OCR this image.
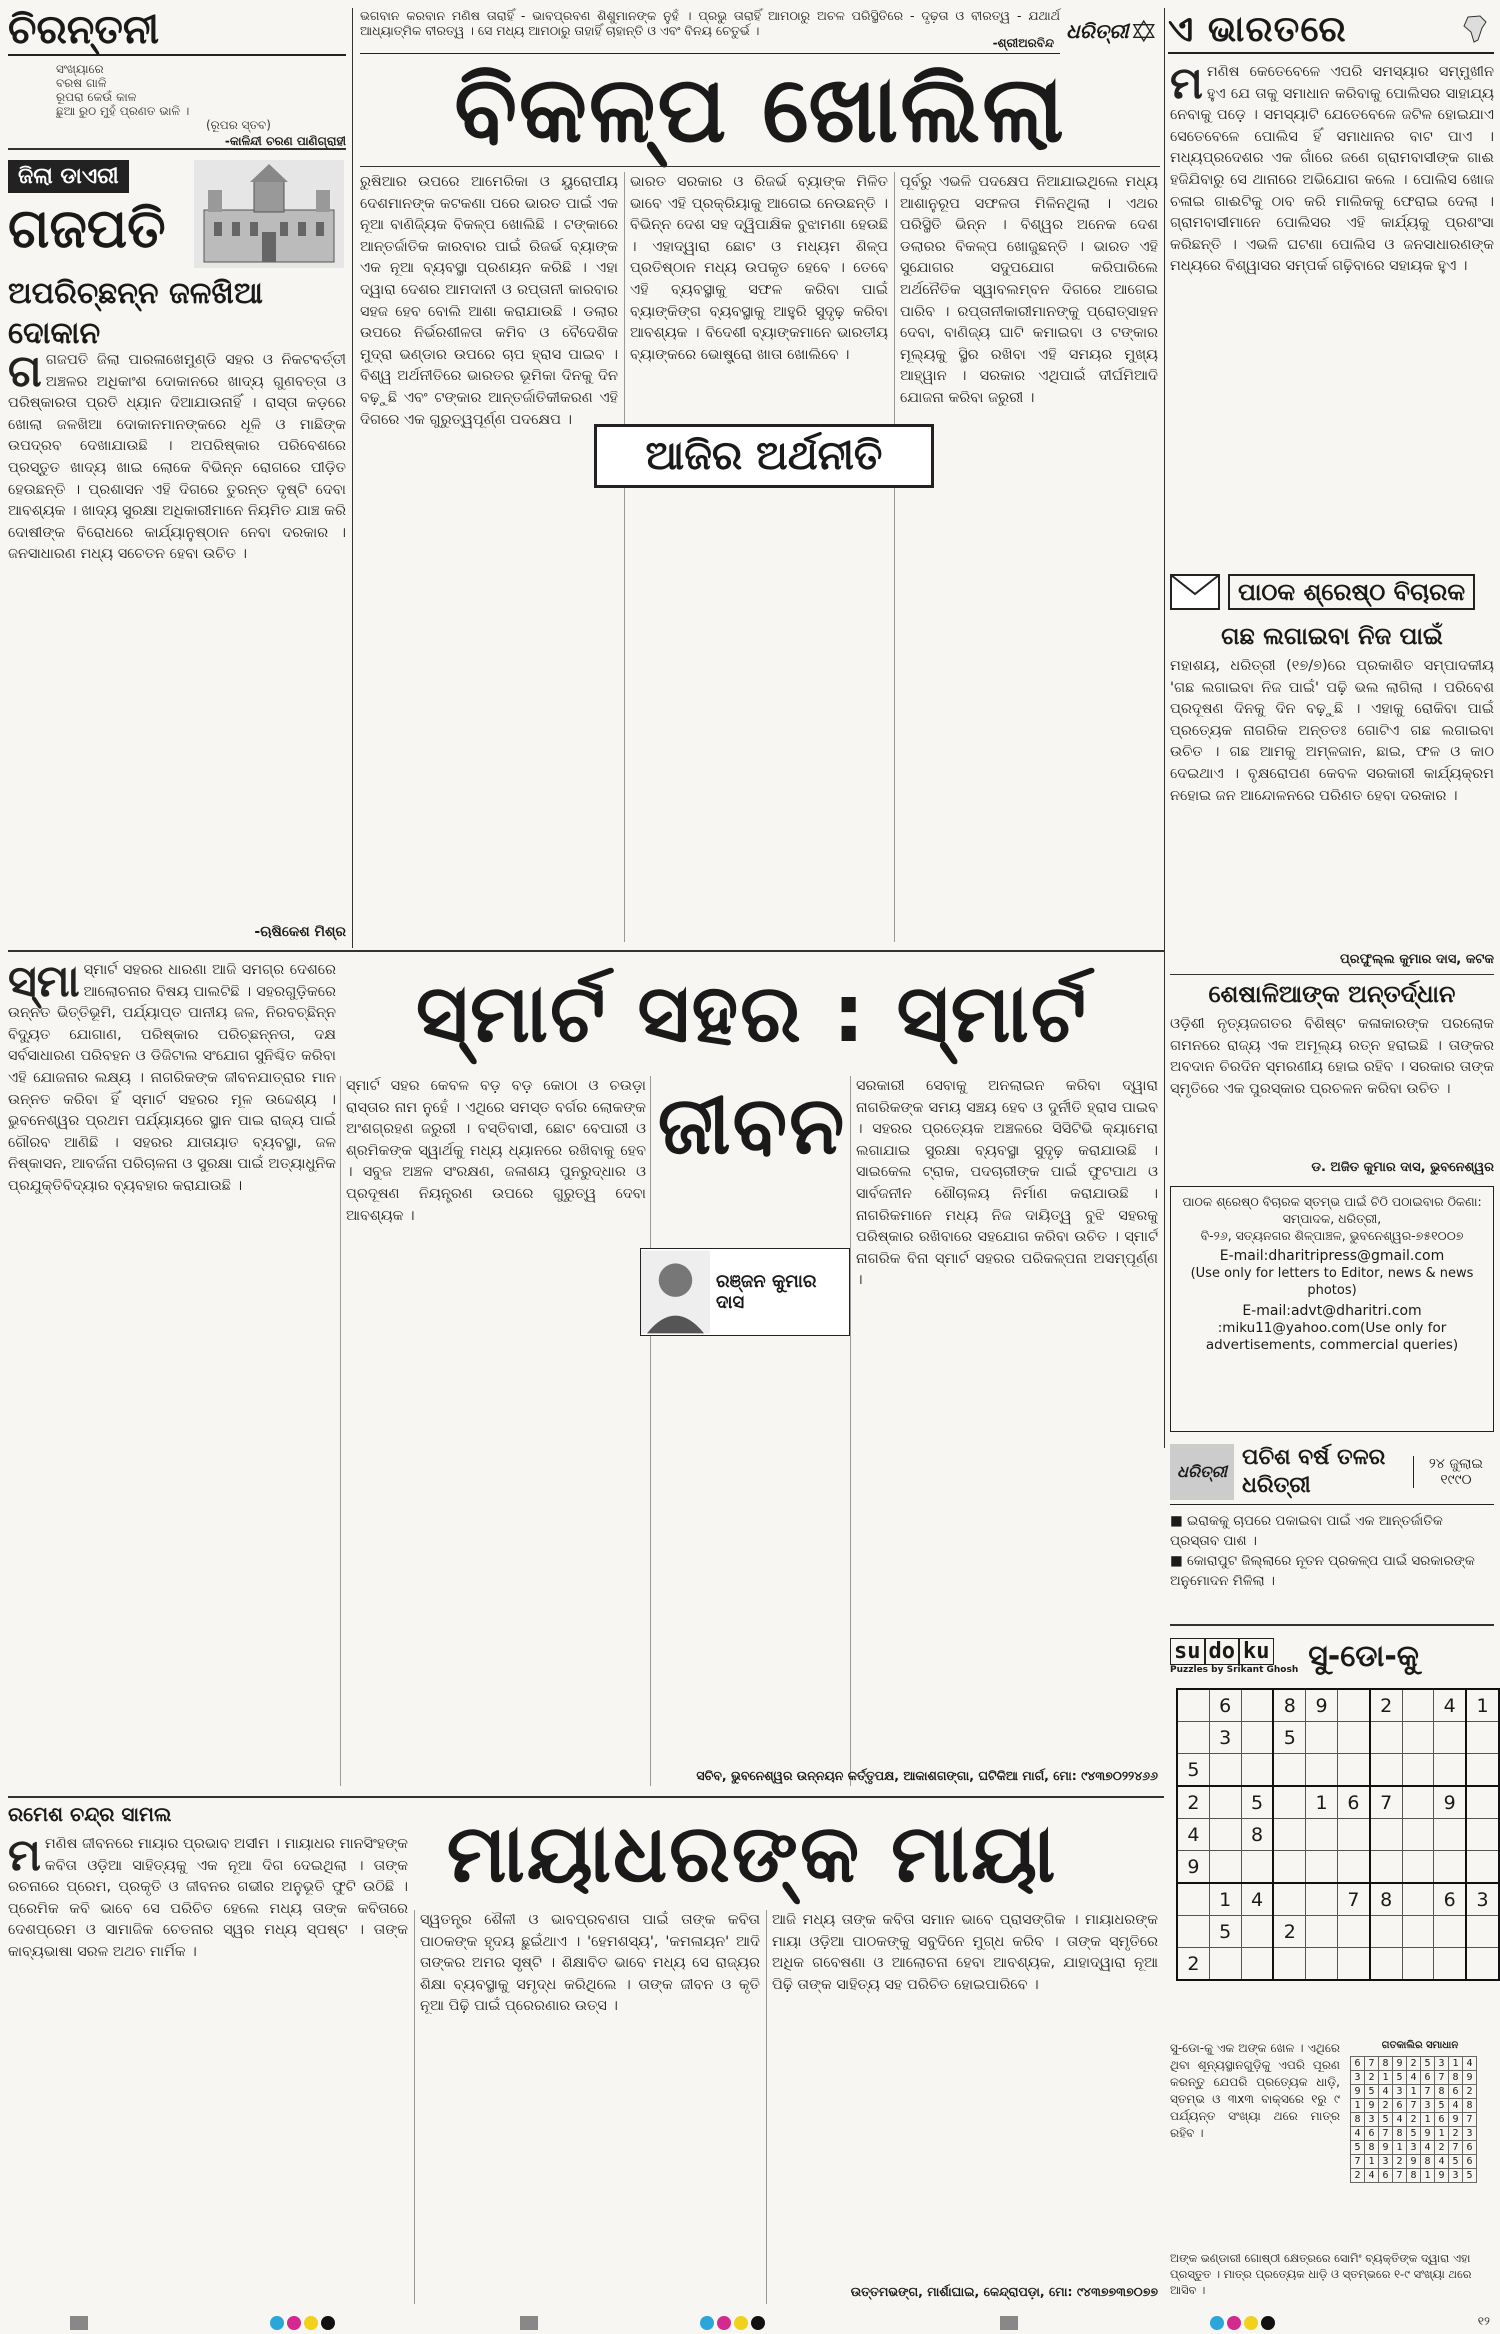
ଚିରନ୍ତନୀ
ସଂଖ୍ୟାରେ
ବରଷ ଗାଳି
ରୂପରା କେଉଁ କାଳ
ଛୁଆ ରୁଠ ମୁହଁ ପ୍ରଣତ ଭାଳି ।
(ରୂପର ସ୍ତବ)
-କାଳିନ୍ଦୀ ଚରଣ ପାଣିଗ୍ରାହୀ
ଭଗବାନ କରବାନ ମଣିଷ ତାରାହିଁ - ଭାବପ୍ରବଣ ଶିଶୁମାନଙ୍କ ନୁହଁ । ପ୍ରଭୁ ତାରାହିଁ ଆମଠାରୁ ଅଚଳ ପରିସ୍ଥିତିରେ - ଦୃଢ଼ତା ଓ ବୀରତ୍ୱ - ଯଥାର୍ଥ ଆଧ୍ୟାତ୍ମିକ ବୀରତ୍ୱ । ସେ ମଧ୍ୟ ଆମଠାରୁ ତାହାହିଁ ଚାହାନ୍ତି ଓ ଏବଂ ବିନୟ ଚେତୁର୍ଭ ।
-ଶ୍ରୀଅରବିନ୍ଦ ଧରିତ୍ରୀ ଏ ଭାରତରେ
ବିକଳ୍ପ ଖୋଲିଲା
ଜିଲା ଡାଏରୀ
ଗଜପତି
ଅପରିଚ୍ଛନ୍ନ ଜଳଖିଆ ଦୋକାନ
ଗ ଗଜପତି ଜିଲା ପାରଳାଖେମୁଣ୍ଡି ସହର ଓ ନିକଟବର୍ତ୍ତୀ ଅଞ୍ଚଳର ଅଧିକାଂଶ ଦୋକାନରେ ଖାଦ୍ୟ ଗୁଣବତ୍ତା ଓ ପରିଷ୍କାରତା ପ୍ରତି ଧ୍ୟାନ ଦିଆଯାଉନାହିଁ । ରାସ୍ତା କଡ଼ରେ ଖୋଲା ଜଳଖିଆ ଦୋକାନମାନଙ୍କରେ ଧୂଳି ଓ ମାଛିଙ୍କ ଉପଦ୍ରବ ଦେଖାଯାଉଛି । ଅପରିଷ୍କାର ପରିବେଶରେ ପ୍ରସ୍ତୁତ ଖାଦ୍ୟ ଖାଇ ଲୋକେ ବିଭିନ୍ନ ରୋଗରେ ପୀଡ଼ିତ ହେଉଛନ୍ତି । ପ୍ରଶାସନ ଏହି ଦିଗରେ ତୁରନ୍ତ ଦୃଷ୍ଟି ଦେବା ଆବଶ୍ୟକ । ଖାଦ୍ୟ ସୁରକ୍ଷା ଅଧିକାରୀମାନେ ନିୟମିତ ଯାଞ୍ଚ କରି ଦୋଷୀଙ୍କ ବିରୋଧରେ କାର୍ଯ୍ୟାନୁଷ୍ଠାନ ନେବା ଦରକାର । ଜନସାଧାରଣ ମଧ୍ୟ ସଚେତନ ହେବା ଉଚିତ ।
-ଋଷିକେଶ ମିଶ୍ର

ରୁଷିଆର ଉପରେ ଆମେରିକା ଓ ୟୁରୋପୀୟ ଦେଶମାନଙ୍କ କଟକଣା ପରେ ଭାରତ ପାଇଁ ଏକ ନୂଆ ବାଣିଜ୍ୟିକ ବିକଳ୍ପ ଖୋଲିଛି । ଟଙ୍କାରେ ଆନ୍ତର୍ଜାତିକ କାରବାର ପାଇଁ ରିଜର୍ଭ ବ୍ୟାଙ୍କ ଏକ ନୂଆ ବ୍ୟବସ୍ଥା ପ୍ରଣୟନ କରିଛି । ଏହା ଦ୍ୱାରା ଦେଶର ଆମଦାନୀ ଓ ରପ୍ତାନୀ କାରବାର ସହଜ ହେବ ବୋଲି ଆଶା କରାଯାଉଛି । ଡଲାର ଉପରେ ନିର୍ଭରଶୀଳତା କମିବ ଓ ବୈଦେଶିକ ମୁଦ୍ରା ଭଣ୍ଡାର ଉପରେ ଚାପ ହ୍ରାସ ପାଇବ । ବିଶ୍ୱ ଅର୍ଥନୀତିରେ ଭାରତର ଭୂମିକା ଦିନକୁ ଦିନ ବଢ଼ୁଛି ଏବଂ ଟଙ୍କାର ଆନ୍ତର୍ଜାତିକୀକରଣ ଏହି ଦିଗରେ ଏକ ଗୁରୁତ୍ୱପୂର୍ଣ୍ଣ ପଦକ୍ଷେପ ।

ଆଜିର ଅର୍ଥନୀତି

ଭାରତ ସରକାର ଓ ରିଜର୍ଭ ବ୍ୟାଙ୍କ ମିଳିତ ଭାବେ ଏହି ପ୍ରକ୍ରିୟାକୁ ଆଗେଇ ନେଉଛନ୍ତି । ବିଭିନ୍ନ ଦେଶ ସହ ଦ୍ୱିପାକ୍ଷିକ ବୁଝାମଣା ହେଉଛି । ଏହାଦ୍ୱାରା ଛୋଟ ଓ ମଧ୍ୟମ ଶିଳ୍ପ ପ୍ରତିଷ୍ଠାନ ମଧ୍ୟ ଉପକୃତ ହେବେ । ତେବେ ଏହି ବ୍ୟବସ୍ଥାକୁ ସଫଳ କରିବା ପାଇଁ ବ୍ୟାଙ୍କିଙ୍ଗ ବ୍ୟବସ୍ଥାକୁ ଆହୁରି ସୁଦୃଢ଼ କରିବା ଆବଶ୍ୟକ । ବିଦେଶୀ ବ୍ୟାଙ୍କମାନେ ଭାରତୀୟ ବ୍ୟାଙ୍କରେ ଭୋଷ୍ଟ୍ରୋ ଖାତା ଖୋଲିବେ ।

ପୂର୍ବରୁ ଏଭଳି ପଦକ୍ଷେପ ନିଆଯାଇଥିଲେ ମଧ୍ୟ ଆଶାନୁରୂପ ସଫଳତା ମିଳିନଥିଲା । ଏଥର ପରିସ୍ଥିତି ଭିନ୍ନ । ବିଶ୍ୱର ଅନେକ ଦେଶ ଡଲାରର ବିକଳ୍ପ ଖୋଜୁଛନ୍ତି । ଭାରତ ଏହି ସୁଯୋଗର ସଦୁପଯୋଗ କରିପାରିଲେ ଅର୍ଥନୈତିକ ସ୍ୱାବଲମ୍ବନ ଦିଗରେ ଆଗେଇ ପାରିବ । ରପ୍ତାନୀକାରୀମାନଙ୍କୁ ପ୍ରୋତ୍ସାହନ ଦେବା, ବାଣିଜ୍ୟ ଘାଟି କମାଇବା ଓ ଟଙ୍କାର ମୂଲ୍ୟକୁ ସ୍ଥିର ରଖିବା ଏହି ସମୟର ମୁଖ୍ୟ ଆହ୍ୱାନ । ସରକାର ଏଥିପାଇଁ ଦୀର୍ଘମିଆଦି ଯୋଜନା କରିବା ଜରୁରୀ ।

ମ ମଣିଷ କେତେବେଳେ ଏପରି ସମସ୍ୟାର ସମ୍ମୁଖୀନ ହୁଏ ଯେ ତାକୁ ସମାଧାନ କରିବାକୁ ପୋଲିସର ସାହାଯ୍ୟ ନେବାକୁ ପଡ଼େ । ସମସ୍ୟାଟି ଯେତେବେଳେ ଜଟିଳ ହୋଇଯାଏ ସେତେବେଳେ ପୋଲିସ ହିଁ ସମାଧାନର ବାଟ ପାଏ । ମଧ୍ୟପ୍ରଦେଶର ଏକ ଗାଁରେ ଜଣେ ଗ୍ରାମବାସୀଙ୍କ ଗାଈ ହଜିଯିବାରୁ ସେ ଥାନାରେ ଅଭିଯୋଗ କଲେ । ପୋଲିସ ଖୋଜ ଚଳାଇ ଗାଈଟିକୁ ଠାବ କରି ମାଲିକକୁ ଫେରାଇ ଦେଲା । ଗ୍ରାମବାସୀମାନେ ପୋଲିସର ଏହି କାର୍ଯ୍ୟକୁ ପ୍ରଶଂସା କରିଛନ୍ତି । ଏଭଳି ଘଟଣା ପୋଲିସ ଓ ଜନସାଧାରଣଙ୍କ ମଧ୍ୟରେ ବିଶ୍ୱାସର ସମ୍ପର୍କ ଗଢ଼ିବାରେ ସହାୟକ ହୁଏ ।
ପାଠକ ଶ୍ରେଷ୍ଠ ବିଚାରକ
ଗଛ ଲଗାଇବା ନିଜ ପାଇଁ

ମହାଶୟ, ଧରିତ୍ରୀ (୧୭/୭)ରେ ପ୍ରକାଶିତ ସମ୍ପାଦକୀୟ 'ଗଛ ଲଗାଇବା ନିଜ ପାଇଁ' ପଢ଼ି ଭଲ ଲାଗିଲା । ପରିବେଶ ପ୍ରଦୂଷଣ ଦିନକୁ ଦିନ ବଢ଼ୁଛି । ଏହାକୁ ରୋକିବା ପାଇଁ ପ୍ରତ୍ୟେକ ନାଗରିକ ଅନ୍ତତଃ ଗୋଟିଏ ଗଛ ଲଗାଇବା ଉଚିତ । ଗଛ ଆମକୁ ଅମ୍ଳଜାନ, ଛାଇ, ଫଳ ଓ କାଠ ଦେଇଥାଏ । ବୃକ୍ଷରୋପଣ କେବଳ ସରକାରୀ କାର୍ଯ୍ୟକ୍ରମ ନହୋଇ ଜନ ଆନ୍ଦୋଳନରେ ପରିଣତ ହେବା ଦରକାର ।

ପ୍ରଫୁଲ୍ଲ କୁମାର ଦାସ, କଟକ
ଶେଷାଳିଆଙ୍କ ଅନ୍ତର୍ଦ୍ଧାନ

ଓଡ଼ିଶୀ ନୃତ୍ୟଜଗତର ବିଶିଷ୍ଟ କଳାକାରଙ୍କ ପରଲୋକ ଗମନରେ ରାଜ୍ୟ ଏକ ଅମୂଲ୍ୟ ରତ୍ନ ହରାଇଛି । ତାଙ୍କର ଅବଦାନ ଚିରଦିନ ସ୍ମରଣୀୟ ହୋଇ ରହିବ । ସରକାର ତାଙ୍କ ସ୍ମୃତିରେ ଏକ ପୁରସ୍କାର ପ୍ରଚଳନ କରିବା ଉଚିତ ।

ଡ. ଅଜିତ କୁମାର ଦାସ, ଭୁବନେଶ୍ୱର
ପାଠକ ଶ୍ରେଷ୍ଠ ବିଚାରକ ସ୍ତମ୍ଭ ପାଇଁ ଚିଠି ପଠାଇବାର ଠିକଣା:
ସମ୍ପାଦକ, ଧରିତ୍ରୀ,
ବି-୨୬, ସତ୍ୟନଗର ଶିଳ୍ପାଞ୍ଚଳ, ଭୁବନେଶ୍ୱର-୭୫୧୦୦୭
E-mail:dharitripress@gmail.com
(Use only for letters to Editor, news & news photos)
E-mail:advt@dharitri.com
:miku11@yahoo.com(Use only for advertisements, commercial queries)
ଧରିତ୍ରୀ
ପଚିଶ ବର୍ଷ ତଳର ଧରିତ୍ରୀ
୨୪ ଜୁଲାଇ ୧୯୯୦
■ ଇରାକକୁ ଚାପରେ ପକାଇବା ପାଇଁ ଏକ ଆନ୍ତର୍ଜାତିକ ପ୍ରସ୍ତାବ ପାଶ ।
■ କୋରାପୁଟ ଜିଲ୍ଲାରେ ନୂତନ ପ୍ରକଳ୍ପ ପାଇଁ ସରକାରଙ୍କ ଅନୁମୋଦନ ମିଳିଲା ।
ସ୍ମାର୍ଟ ସହର : ସ୍ମାର୍ଟ ଜୀବନ
ସ୍ମା ସ୍ମାର୍ଟ ସହରର ଧାରଣା ଆଜି ସମଗ୍ର ଦେଶରେ ଆଲୋଚନାର ବିଷୟ ପାଲଟିଛି । ସହରଗୁଡ଼ିକରେ ଉନ୍ନତ ଭିତ୍ତିଭୂମି, ପର୍ଯ୍ୟାପ୍ତ ପାନୀୟ ଜଳ, ନିରବଚ୍ଛିନ୍ନ ବିଦ୍ୟୁତ ଯୋଗାଣ, ପରିଷ୍କାର ପରିଚ୍ଛନ୍ନତା, ଦକ୍ଷ ସର୍ବସାଧାରଣ ପରିବହନ ଓ ଡିଜିଟାଲ ସଂଯୋଗ ସୁନିଶ୍ଚିତ କରିବା ଏହି ଯୋଜନାର ଲକ୍ଷ୍ୟ । ନାଗରିକଙ୍କ ଜୀବନଯାତ୍ରାର ମାନ ଉନ୍ନତ କରିବା ହିଁ ସ୍ମାର୍ଟ ସହରର ମୂଳ ଉଦ୍ଦେଶ୍ୟ । ଭୁବନେଶ୍ୱର ପ୍ରଥମ ପର୍ଯ୍ୟାୟରେ ସ୍ଥାନ ପାଇ ରାଜ୍ୟ ପାଇଁ ଗୌରବ ଆଣିଛି । ସହରର ଯାତାୟାତ ବ୍ୟବସ୍ଥା, ଜଳ ନିଷ୍କାସନ, ଆବର୍ଜନା ପରିଚାଳନା ଓ ସୁରକ୍ଷା ପାଇଁ ଅତ୍ୟାଧୁନିକ ପ୍ରଯୁକ୍ତିବିଦ୍ୟାର ବ୍ୟବହାର କରାଯାଉଛି ।

ସ୍ମାର୍ଟ ସହର କେବଳ ବଡ଼ ବଡ଼ କୋଠା ଓ ଚଉଡ଼ା ରାସ୍ତାର ନାମ ନୁହେଁ । ଏଥିରେ ସମସ୍ତ ବର୍ଗର ଲୋକଙ୍କ ଅଂଶଗ୍ରହଣ ଜରୁରୀ । ବସ୍ତିବାସୀ, ଛୋଟ ବେପାରୀ ଓ ଶ୍ରମିକଙ୍କ ସ୍ୱାର୍ଥକୁ ମଧ୍ୟ ଧ୍ୟାନରେ ରଖିବାକୁ ହେବ । ସବୁଜ ଅଞ୍ଚଳ ସଂରକ୍ଷଣ, ଜଳାଶୟ ପୁନରୁଦ୍ଧାର ଓ ପ୍ରଦୂଷଣ ନିୟନ୍ତ୍ରଣ ଉପରେ ଗୁରୁତ୍ୱ ଦେବା ଆବଶ୍ୟକ ।

ରଞ୍ଜନ କୁମାର ଦାସ

ସରକାରୀ ସେବାକୁ ଅନଲାଇନ କରିବା ଦ୍ୱାରା ନାଗରିକଙ୍କ ସମୟ ସଞ୍ଚୟ ହେବ ଓ ଦୁର୍ନୀତି ହ୍ରାସ ପାଇବ । ସହରର ପ୍ରତ୍ୟେକ ଅଞ୍ଚଳରେ ସିସିଟିଭି କ୍ୟାମେରା ଲଗାଯାଇ ସୁରକ୍ଷା ବ୍ୟବସ୍ଥା ସୁଦୃଢ଼ କରାଯାଉଛି । ସାଇକେଲ ଟ୍ରାକ, ପଦଚାରୀଙ୍କ ପାଇଁ ଫୁଟପାଥ ଓ ସାର୍ବଜନୀନ ଶୌଚାଳୟ ନିର୍ମାଣ କରାଯାଉଛି । ନାଗରିକମାନେ ମଧ୍ୟ ନିଜ ଦାୟିତ୍ୱ ବୁଝି ସହରକୁ ପରିଷ୍କାର ରଖିବାରେ ସହଯୋଗ କରିବା ଉଚିତ । ସ୍ମାର୍ଟ ନାଗରିକ ବିନା ସ୍ମାର୍ଟ ସହରର ପରିକଳ୍ପନା ଅସମ୍ପୂର୍ଣ୍ଣ ।

ସଚିବ, ଭୁବନେଶ୍ୱର ଉନ୍ନୟନ କର୍ତ୍ତୃପକ୍ଷ, ଆକାଶଗଙ୍ଗା, ଘଟିକିଆ ମାର୍ଗ, ମୋ: ୯୪୩୭୦୨୨୪୬୬
ରମେଶ ଚନ୍ଦ୍ର ସାମଲ	ମାୟାଧରଙ୍କ ମାୟା
ମ ମଣିଷ ଜୀବନରେ ମାୟାର ପ୍ରଭାବ ଅସୀମ । ମାୟାଧର ମାନସିଂହଙ୍କ କବିତା ଓଡ଼ିଆ ସାହିତ୍ୟକୁ ଏକ ନୂଆ ଦିଗ ଦେଇଥିଲା । ତାଙ୍କ ରଚନାରେ ପ୍ରେମ, ପ୍ରକୃତି ଓ ଜୀବନର ଗଭୀର ଅନୁଭୂତି ଫୁଟି ଉଠିଛି । ପ୍ରେମିକ କବି ଭାବେ ସେ ପରିଚିତ ହେଲେ ମଧ୍ୟ ତାଙ୍କ କବିତାରେ ଦେଶପ୍ରେମ ଓ ସାମାଜିକ ଚେତନାର ସ୍ୱର ମଧ୍ୟ ସ୍ପଷ୍ଟ । ତାଙ୍କ କାବ୍ୟଭାଷା ସରଳ ଅଥଚ ମାର୍ମିକ ।

ସ୍ୱତନ୍ତ୍ର ଶୈଳୀ ଓ ଭାବପ୍ରବଣତା ପାଇଁ ତାଙ୍କ କବିତା ପାଠକଙ୍କ ହୃଦୟ ଛୁଇଁଥାଏ । 'ହେମଶସ୍ୟ', 'କମଳାୟନ' ଆଦି ତାଙ୍କର ଅମର ସୃଷ୍ଟି । ଶିକ୍ଷାବିତ ଭାବେ ମଧ୍ୟ ସେ ରାଜ୍ୟର ଶିକ୍ଷା ବ୍ୟବସ୍ଥାକୁ ସମୃଦ୍ଧ କରିଥିଲେ । ତାଙ୍କ ଜୀବନ ଓ କୃତି ନୂଆ ପିଢ଼ି ପାଇଁ ପ୍ରେରଣାର ଉତ୍ସ ।

ଆଜି ମଧ୍ୟ ତାଙ୍କ କବିତା ସମାନ ଭାବେ ପ୍ରାସଙ୍ଗିକ । ମାୟାଧରଙ୍କ ମାୟା ଓଡ଼ିଆ ପାଠକଙ୍କୁ ସବୁଦିନେ ମୁଗ୍ଧ କରିବ । ତାଙ୍କ ସ୍ମୃତିରେ ଅଧିକ ଗବେଷଣା ଓ ଆଲୋଚନା ହେବା ଆବଶ୍ୟକ, ଯାହାଦ୍ୱାରା ନୂଆ ପିଢ଼ି ତାଙ୍କ ସାହିତ୍ୟ ସହ ପରିଚିତ ହୋଇପାରିବେ ।

ଉତ୍ତମଭଙ୍ଗ, ମାର୍ଶାଘାଇ, କେନ୍ଦ୍ରାପଡ଼ା, ମୋ: ୯୪୩୭୭୩୭୦୭୭
su do ku
Puzzles by Srikant Ghosh ସୁ-ଡୋ-କୁ
	6		8	9		2		4	1
	3		5						
5									
2		5		1	6	7		9	
4		8							
9									
	1	4			7	8		6	3
	5		2						
2									
ସୁ-ଡୋ-କୁ ଏକ ଅଙ୍କ ଖେଳ । ଏଥିରେ ଥିବା ଶୂନ୍ୟସ୍ଥାନଗୁଡ଼ିକୁ ଏପରି ପୂରଣ କରନ୍ତୁ ଯେପରି ପ୍ରତ୍ୟେକ ଧାଡ଼ି, ସ୍ତମ୍ଭ ଓ ୩x୩ ବାକ୍ସରେ ୧ରୁ ୯ ପର୍ଯ୍ୟନ୍ତ ସଂଖ୍ୟା ଥରେ ମାତ୍ର ରହିବ ।
ଗତକାଲିର ସମାଧାନ
6	7	8	9	2	5	3	1	4
3	2	1	5	4	6	7	8	9
9	5	4	3	1	7	8	6	2
1	9	2	6	7	3	5	4	8
8	3	5	4	2	1	6	9	7
4	6	7	8	5	9	1	2	3
5	8	9	1	3	4	2	7	6
7	1	3	2	9	8	4	5	6
2	4	6	7	8	1	9	3	5
ଅଙ୍କ ଭଣ୍ଡାରୀ ଗୋଷ୍ଠୀ କ୍ଷେତ୍ରରେ ସୋମିଂ ବ୍ୟକ୍ତିଙ୍କ ଦ୍ୱାରା ଏହା ପ୍ରସ୍ତୁତ । ମାତ୍ର ପ୍ରତ୍ୟେକ ଧାଡ଼ି ଓ ସ୍ତମ୍ଭରେ ୧-୯ ସଂଖ୍ୟା ଥରେ ଆସିବ ।
୧୨
